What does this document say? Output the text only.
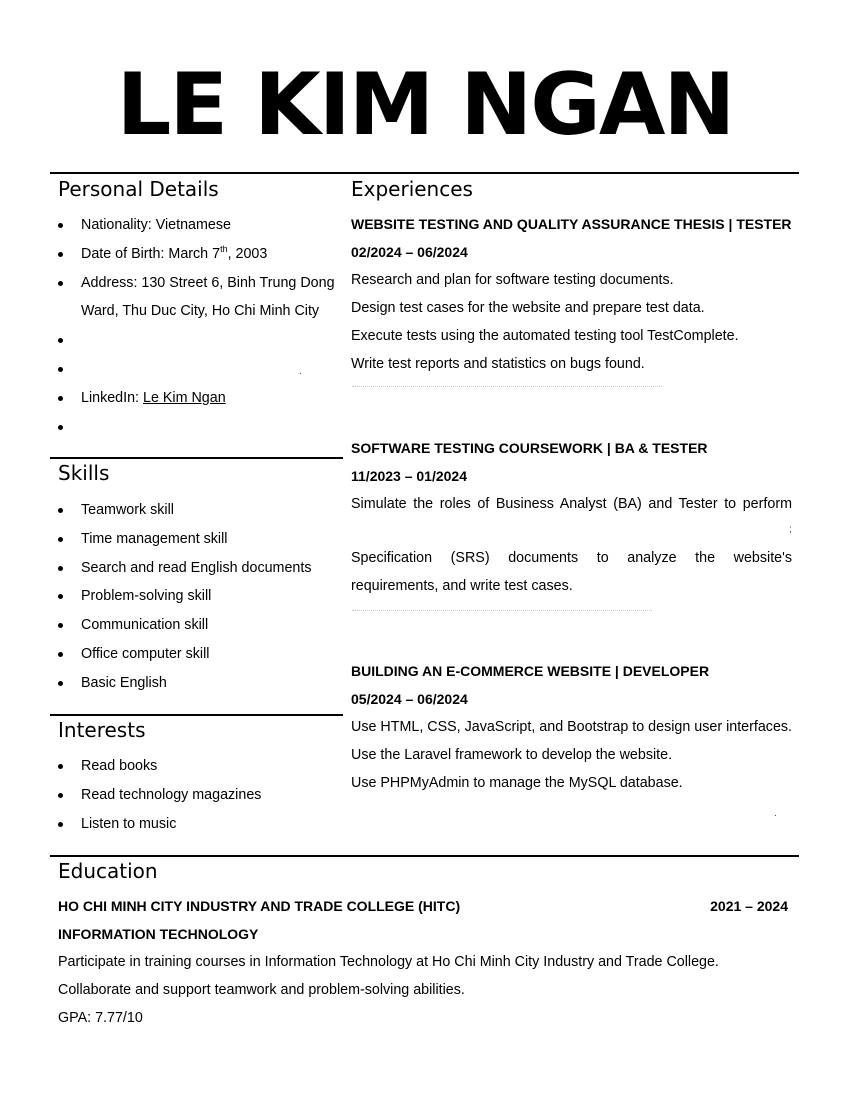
LE KIM NGAN
Personal Details
Nationality: Vietnamese
Date of Birth: March 7th, 2003
Address: 130 Street 6, Binh Trung Dong Ward, Thu Duc City, Ho Chi Minh City
LinkedIn: Le Kim Ngan
.
Skills
Teamwork skill
Time management skill
Search and read English documents
Problem-solving skill
Communication skill
Office computer skill
Basic English
Interests
Read books
Read technology magazines
Listen to music
Experiences
WEBSITE TESTING AND QUALITY ASSURANCE THESIS | TESTER
02/2024 – 06/2024
Research and plan for software testing documents.
Design test cases for the website and prepare test data.
Execute tests using the automated testing tool TestComplete.
Write test reports and statistics on bugs found.
SOFTWARE TESTING COURSEWORK | BA & TESTER
11/2023 – 01/2024
Simulate the roles of Business Analyst (BA) and Tester to perform
;
Specification (SRS) documents to analyze the website's requirements, and write test cases.
BUILDING AN E-COMMERCE WEBSITE | DEVELOPER
05/2024 – 06/2024
Use HTML, CSS, JavaScript, and Bootstrap to design user interfaces.
Use the Laravel framework to develop the website.
Use PHPMyAdmin to manage the MySQL database.
.
Education
HO CHI MINH CITY INDUSTRY AND TRADE COLLEGE (HITC)	2021 – 2024
INFORMATION TECHNOLOGY
Participate in training courses in Information Technology at Ho Chi Minh City Industry and Trade College.
Collaborate and support teamwork and problem-solving abilities.
GPA: 7.77/10
